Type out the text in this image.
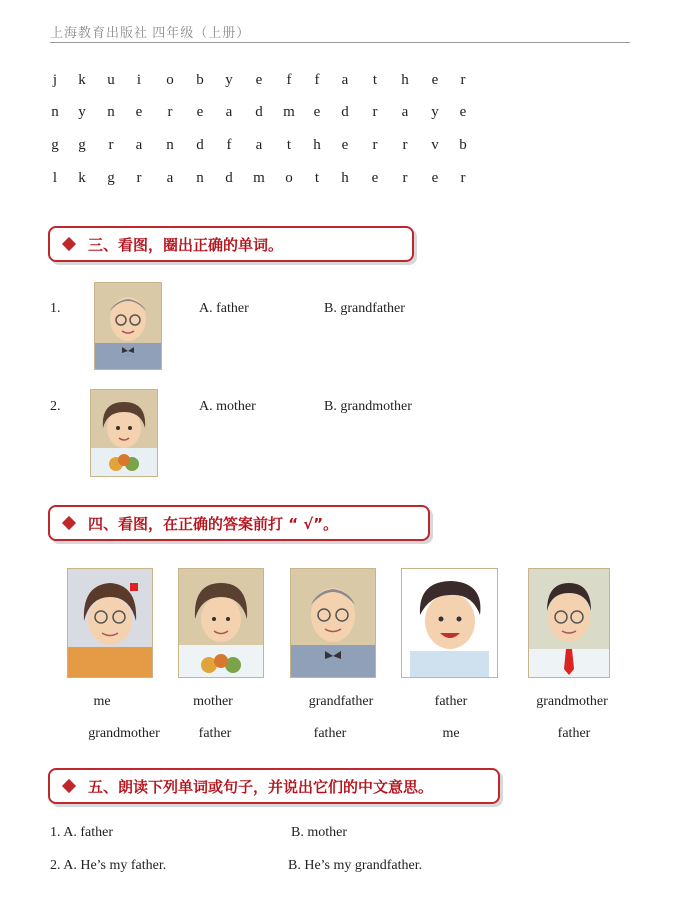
上海教育出版社 四年级（上册）
j	k u	i	o b y e	f	f	a	t	h e	r
n y n e	r	e a d m e d	r	a y e
g g	r	a n d	f	a	t	h e	r	r	v b
l	k g	r	a n d m o	t	h e	r	e	r
三、看图，圈出正确的单词。
1.	A. father	B. grandfather
2.	A. mother	B. grandmother
四、看图，在正确的答案前打 “ √”。
me	mother	grandfather	father	grandmother
grandmother	father	father	me	father
五、朗读下列单词或句子，并说出它们的中文意思。
1. A. father	B. mother
2. A. He’s my father.	B. He’s my grandfather.
